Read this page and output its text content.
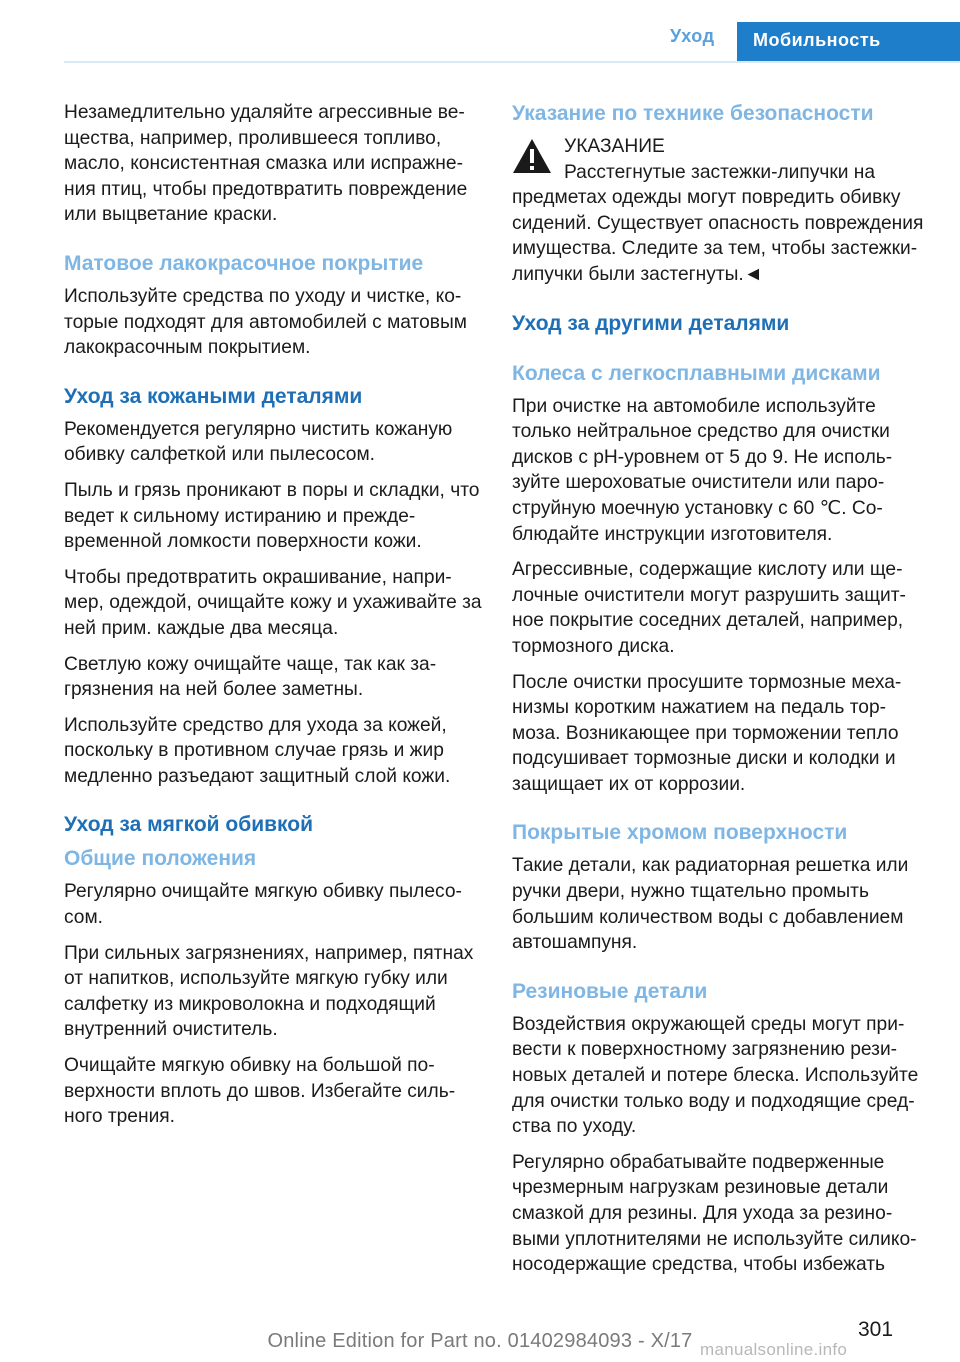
Уход	Мобильность

Незамедлительно удаляйте агрессивные вещества, например, пролившееся топливо, масло, консистентная смазка или испражнения птиц, чтобы предотвратить повреждение или выцветание краски.

Матовое лакокрасочное покрытие

Используйте средства по уходу и чистке, которые подходят для автомобилей с матовым лакокрасочным покрытием.

Уход за кожаными деталями

Рекомендуется регулярно чистить кожаную обивку салфеткой или пылесосом.

Пыль и грязь проникают в поры и складки, что ведет к сильному истиранию и преждевременной ломкости поверхности кожи.

Чтобы предотвратить окрашивание, например, одеждой, очищайте кожу и ухаживайте за ней прим. каждые два месяца.

Светлую кожу очищайте чаще, так как загрязнения на ней более заметны.

Используйте средство для ухода за кожей, поскольку в противном случае грязь и жир медленно разъедают защитный слой кожи.

Уход за мягкой обивкой
Общие положения

Регулярно очищайте мягкую обивку пылесосом.

При сильных загрязнениях, например, пятнах от напитков, используйте мягкую губку или салфетку из микроволокна и подходящий внутренний очиститель.

Очищайте мягкую обивку на большой поверхности вплоть до швов. Избегайте сильного трения.

Указание по технике безопасности

УКАЗАНИЕ

Расстегнутые застежки-липучки на предметах одежды могут повредить обивку сидений. Существует опасность повреждения имущества. Следите за тем, чтобы застежки-липучки были застегнуты.◄

Уход за другими деталями
Колеса с легкосплавными дисками

При очистке на автомобиле используйте только нейтральное средство для очистки дисков с pH-уровнем от 5 до 9. Не используйте шероховатые очистители или пароструйную моечную установку с 60 ℃. Соблюдайте инструкции изготовителя.

Агрессивные, содержащие кислоту или щелочные очистители могут разрушить защитное покрытие соседних деталей, например, тормозного диска.

После очистки просушите тормозные механизмы коротким нажатием на педаль тормоза. Возникающее при торможении тепло подсушивает тормозные диски и колодки и защищает их от коррозии.

Покрытые хромом поверхности

Такие детали, как радиаторная решетка или ручки двери, нужно тщательно промыть большим количеством воды с добавлением автошампуня.

Резиновые детали

Воздействия окружающей среды могут привести к поверхностному загрязнению резиновых деталей и потере блеска. Используйте для очистки только воду и подходящие средства по уходу.

Регулярно обрабатывайте подверженные чрезмерным нагрузкам резиновые детали смазкой для резины. Для ухода за резиновыми уплотнителями не используйте силиконосодержащие средства, чтобы избежать

301
Online Edition for Part no. 01402984093 - X/17 manualsonline.info
